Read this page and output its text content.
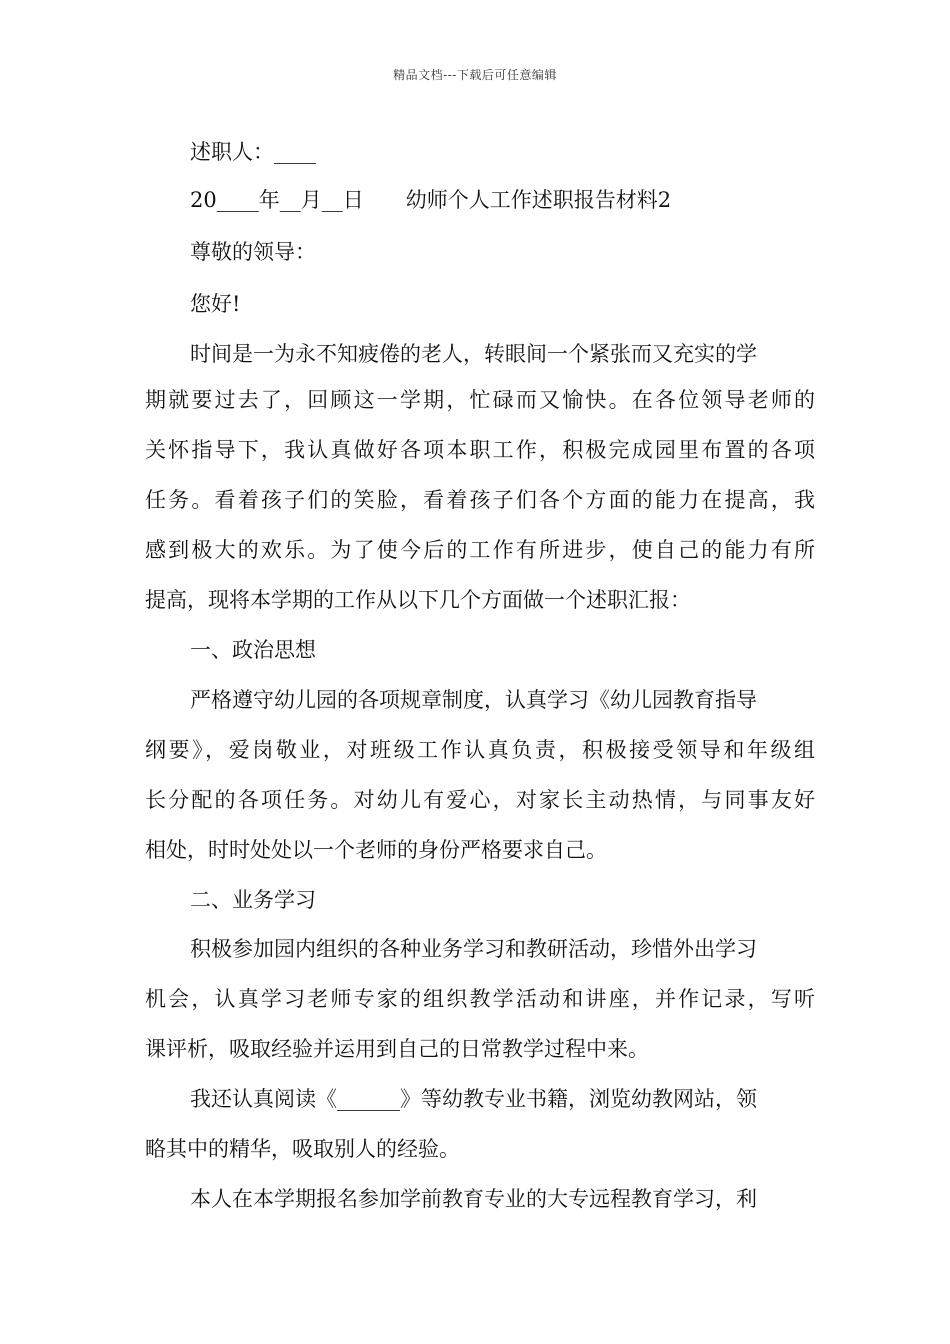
精品文档---下载后可任意编辑
述职人：____
20____年__月__日　　幼师个人工作述职报告材料2
尊敬的领导：
您好!
时间是一为永不知疲倦的老人，转眼间一个紧张而又充实的学
期就要过去了，回顾这一学期，忙碌而又愉快。在各位领导老师的
关怀指导下，我认真做好各项本职工作，积极完成园里布置的各项
任务。看着孩子们的笑脸，看着孩子们各个方面的能力在提高，我
感到极大的欢乐。为了使今后的工作有所进步，使自己的能力有所
提高，现将本学期的工作从以下几个方面做一个述职汇报：
一、政治思想
严格遵守幼儿园的各项规章制度，认真学习《幼儿园教育指导
纲要》，爱岗敬业，对班级工作认真负责，积极接受领导和年级组
长分配的各项任务。对幼儿有爱心，对家长主动热情，与同事友好
相处，时时处处以一个老师的身份严格要求自己。
二、业务学习
积极参加园内组织的各种业务学习和教研活动，珍惜外出学习
机会，认真学习老师专家的组织教学活动和讲座，并作记录，写听
课评析，吸取经验并运用到自己的日常教学过程中来。
我还认真阅读《______》等幼教专业书籍，浏览幼教网站，领
略其中的精华，吸取别人的经验。
本人在本学期报名参加学前教育专业的大专远程教育学习，利
